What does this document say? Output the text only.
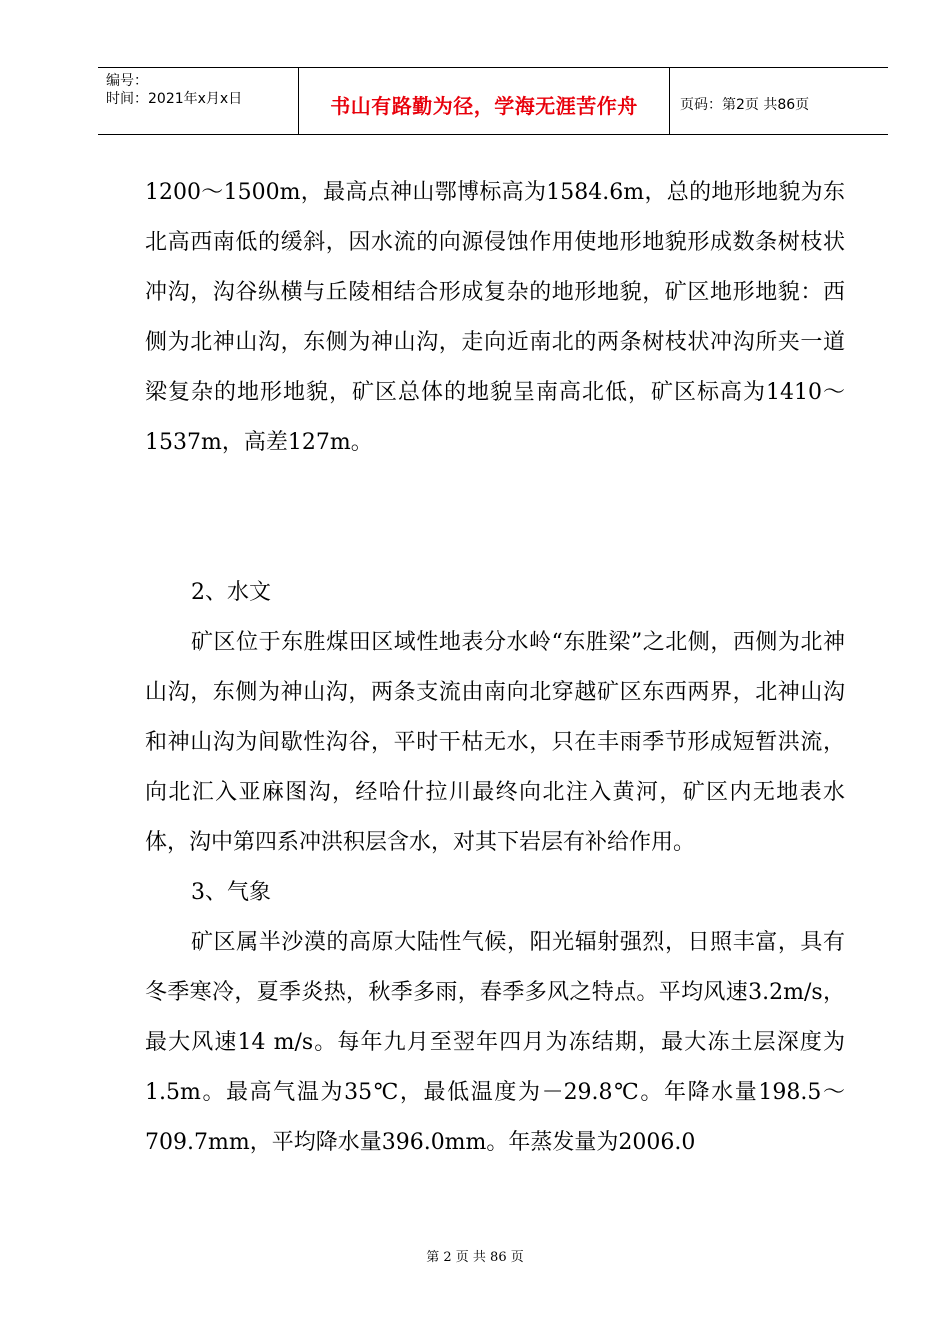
编号：
时间：2021年x月x日	书山有路勤为径，学海无涯苦作舟	页码：第2页 共86页

1200～1500m，最高点神山鄂博标高为1584.6m，总的地形地貌为东北高西南低的缓斜，因水流的向源侵蚀作用使地形地貌形成数条树枝状冲沟，沟谷纵横与丘陵相结合形成复杂的地形地貌，矿区地形地貌：西侧为北神山沟，东侧为神山沟，走向近南北的两条树枝状冲沟所夹一道梁复杂的地形地貌，矿区总体的地貌呈南高北低，矿区标高为1410～1537m，高差127m。

2、水文

矿区位于东胜煤田区域性地表分水岭“东胜梁”之北侧，西侧为北神山沟，东侧为神山沟，两条支流由南向北穿越矿区东西两界，北神山沟和神山沟为间歇性沟谷，平时干枯无水，只在丰雨季节形成短暂洪流，向北汇入亚麻图沟，经哈什拉川最终向北注入黄河，矿区内无地表水体，沟中第四系冲洪积层含水，对其下岩层有补给作用。

3、气象

矿区属半沙漠的高原大陆性气候，阳光辐射强烈，日照丰富，具有冬季寒冷，夏季炎热，秋季多雨，春季多风之特点。平均风速3.2m/s，最大风速14 m/s。每年九月至翌年四月为冻结期，最大冻土层深度为1.5m。最高气温为35℃，最低温度为－29.8℃。年降水量198.5～709.7mm，平均降水量396.0mm。年蒸发量为2006.0

第 2 页 共 86 页
